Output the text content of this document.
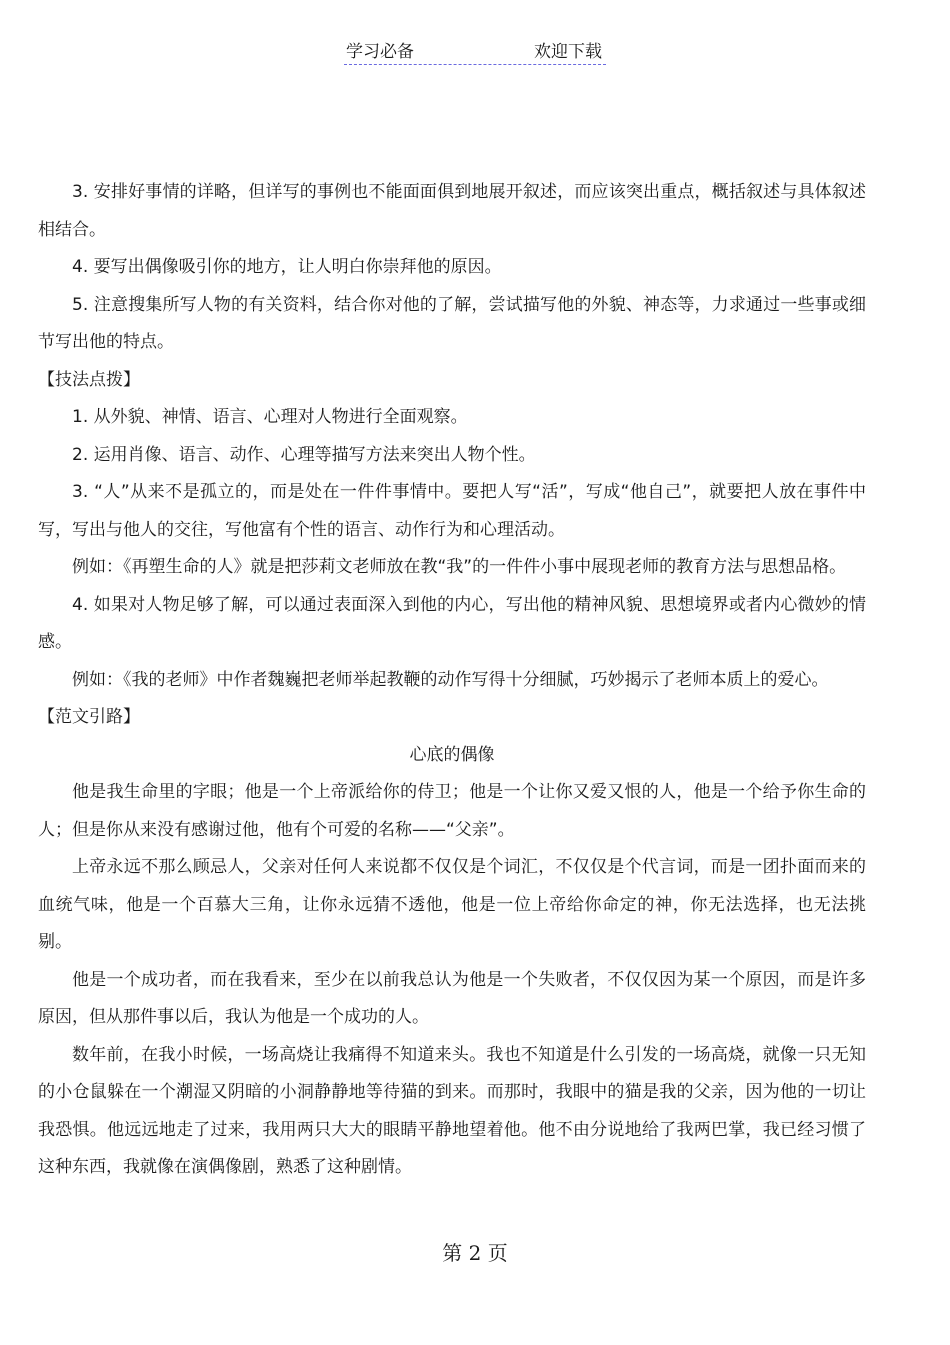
学习必备	欢迎下载

3. 安排好事情的详略，但详写的事例也不能面面俱到地展开叙述，而应该突出重点，概括叙述与具体叙述相结合。

4. 要写出偶像吸引你的地方，让人明白你崇拜他的原因。

5. 注意搜集所写人物的有关资料，结合你对他的了解，尝试描写他的外貌、神态等，力求通过一些事或细节写出他的特点。

【技法点拨】

1. 从外貌、神情、语言、心理对人物进行全面观察。

2. 运用肖像、语言、动作、心理等描写方法来突出人物个性。

3. “人”从来不是孤立的，而是处在一件件事情中。要把人写“活”，写成“他自己”，就要把人放在事件中写，写出与他人的交往，写他富有个性的语言、动作行为和心理活动。

例如：《再塑生命的人》就是把莎莉文老师放在教“我”的一件件小事中展现老师的教育方法与思想品格。

4. 如果对人物足够了解，可以通过表面深入到他的内心，写出他的精神风貌、思想境界或者内心微妙的情感。

例如：《我的老师》中作者魏巍把老师举起教鞭的动作写得十分细腻，巧妙揭示了老师本质上的爱心。

【范文引路】

心底的偶像

他是我生命里的字眼；他是一个上帝派给你的侍卫；他是一个让你又爱又恨的人，他是一个给予你生命的人；但是你从来没有感谢过他，他有个可爱的名称——“父亲”。

上帝永远不那么顾忌人，父亲对任何人来说都不仅仅是个词汇，不仅仅是个代言词，而是一团扑面而来的血统气味，他是一个百慕大三角，让你永远猜不透他，他是一位上帝给你命定的神，你无法选择，也无法挑剔。

他是一个成功者，而在我看来，至少在以前我总认为他是一个失败者，不仅仅因为某一个原因，而是许多原因，但从那件事以后，我认为他是一个成功的人。

数年前，在我小时候，一场高烧让我痛得不知道来头。我也不知道是什么引发的一场高烧，就像一只无知的小仓鼠躲在一个潮湿又阴暗的小洞静静地等待猫的到来。而那时，我眼中的猫是我的父亲，因为他的一切让我恐惧。他远远地走了过来，我用两只大大的眼睛平静地望着他。他不由分说地给了我两巴掌，我已经习惯了这种东西，我就像在演偶像剧，熟悉了这种剧情。

第 2 页
